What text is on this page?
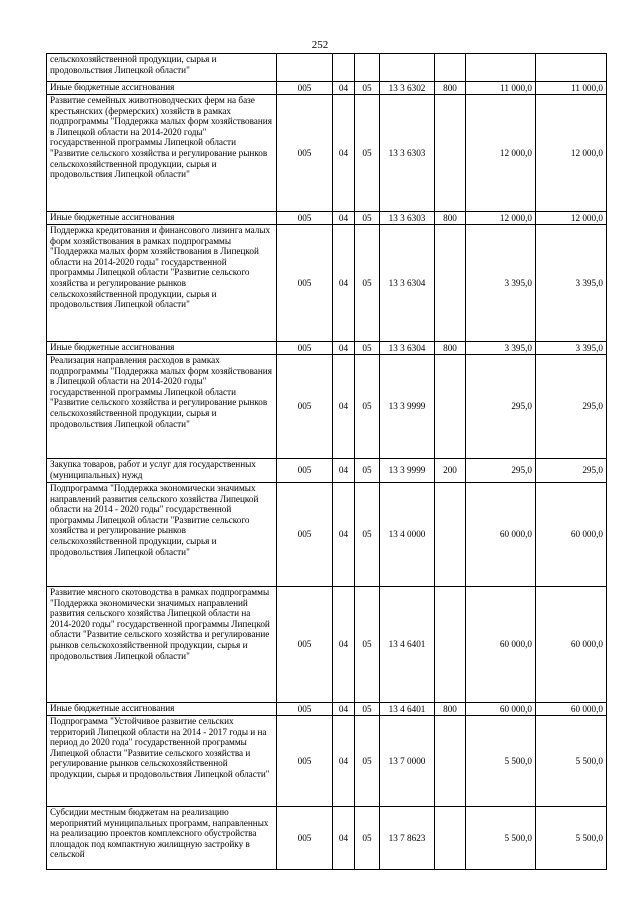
252
сельскохозяйственной продукции, сырья и продовольствия Липецкой области"							
Иные бюджетные ассигнования	005	04	05	13 3 6302	800	11 000,0	11 000,0
Развитие семейных животноводческих ферм на базе крестьянских (фермерских) хозяйств в рамках подпрограммы "Поддержка малых форм хозяйствования в Липецкой области на 2014-2020 годы" государственной программы Липецкой области "Развитие сельского хозяйства и регулирование рынков сельскохозяйственной продукции, сырья и продовольствия Липецкой области"	005	04	05	13 3 6303		12 000,0	12 000,0
Иные бюджетные ассигнования	005	04	05	13 3 6303	800	12 000,0	12 000,0
Поддержка кредитования и финансового лизинга малых форм хозяйствования в рамках подпрограммы "Поддержка малых форм хозяйствования в Липецкой области на 2014-2020 годы" государственной программы Липецкой области "Развитие сельского хозяйства и регулирование рынков сельскохозяйственной продукции, сырья и продовольствия Липецкой области"	005	04	05	13 3 6304		3 395,0	3 395,0
Иные бюджетные ассигнования	005	04	05	13 3 6304	800	3 395,0	3 395,0
Реализация направления расходов в рамках подпрограммы "Поддержка малых форм хозяйствования в Липецкой области на 2014-2020 годы" государственной программы Липецкой области "Развитие сельского хозяйства и регулирование рынков сельскохозяйственной продукции, сырья и продовольствия Липецкой области"	005	04	05	13 3 9999		295,0	295,0
Закупка товаров, работ и услуг для государственных (муниципальных) нужд	005	04	05	13 3 9999	200	295,0	295,0
Подпрограмма "Поддержка экономически значимых направлений развития сельского хозяйства Липецкой области на 2014 - 2020 годы" государственной программы Липецкой области "Развитие сельского хозяйства и регулирование рынков сельскохозяйственной продукции, сырья и продовольствия Липецкой области"	005	04	05	13 4 0000		60 000,0	60 000,0
Развитие мясного скотоводства в рамках подпрограммы "Поддержка экономически значимых направлений развития сельского хозяйства Липецкой области на 2014-2020 годы" государственной программы Липецкой области "Развитие сельского хозяйства и регулирование рынков сельскохозяйственной продукции, сырья и продовольствия Липецкой области"	005	04	05	13 4 6401		60 000,0	60 000,0
Иные бюджетные ассигнования	005	04	05	13 4 6401	800	60 000,0	60 000,0
Подпрограмма "Устойчивое развитие сельских территорий Липецкой области на 2014 - 2017 годы и на период до 2020 года" государственной программы Липецкой области "Развитие сельского хозяйства и регулирование рынков сельскохозяйственной продукции, сырья и продовольствия Липецкой области"	005	04	05	13 7 0000		5 500,0	5 500,0
Субсидии местным бюджетам на реализацию мероприятий муниципальных программ, направленных на реализацию проектов комплексного обустройства площадок под компактную жилищную застройку в сельской	005	04	05	13 7 8623		5 500,0	5 500,0
